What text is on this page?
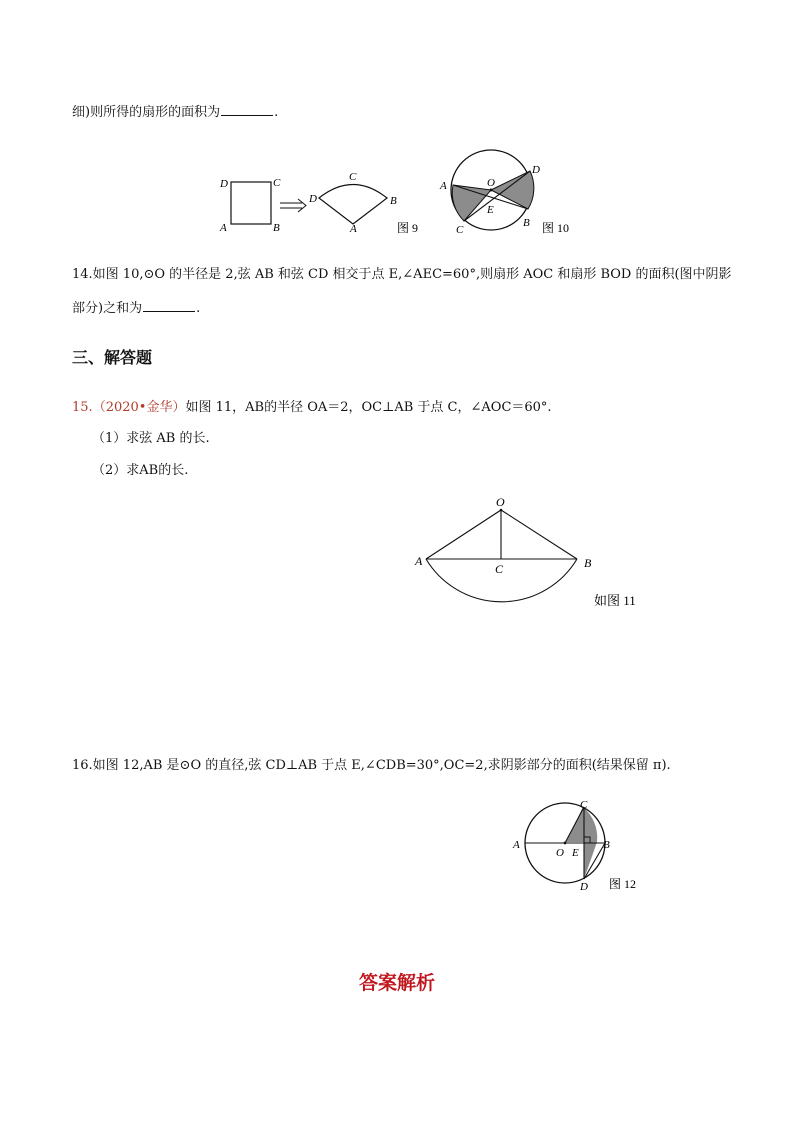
细)则所得的扇形的面积为	.
D	C
A	B
D
C
B
A	图 9
A	O
D
E
C
B 图 10
14.如图 10,⊙O 的半径是 2,弦 AB 和弦 CD 相交于点 E,∠AEC=60°,则扇形 AOC 和扇形 BOD 的面积(图中阴影
部分)之和为	.
三、解答题
15.（2020•金华）如图 11，AB的半径 OA＝2，OC⊥AB 于点 C，∠AOC＝60°.
（1）求弦 AB 的长.
（2）求AB的长.
O
A	B
C
如图 11
16.如图 12,AB 是⊙O 的直径,弦 CD⊥AB 于点 E,∠CDB=30°,OC=2,求阴影部分的面积(结果保留 π).
A
C
O E
B
D 图 12
答案解析
